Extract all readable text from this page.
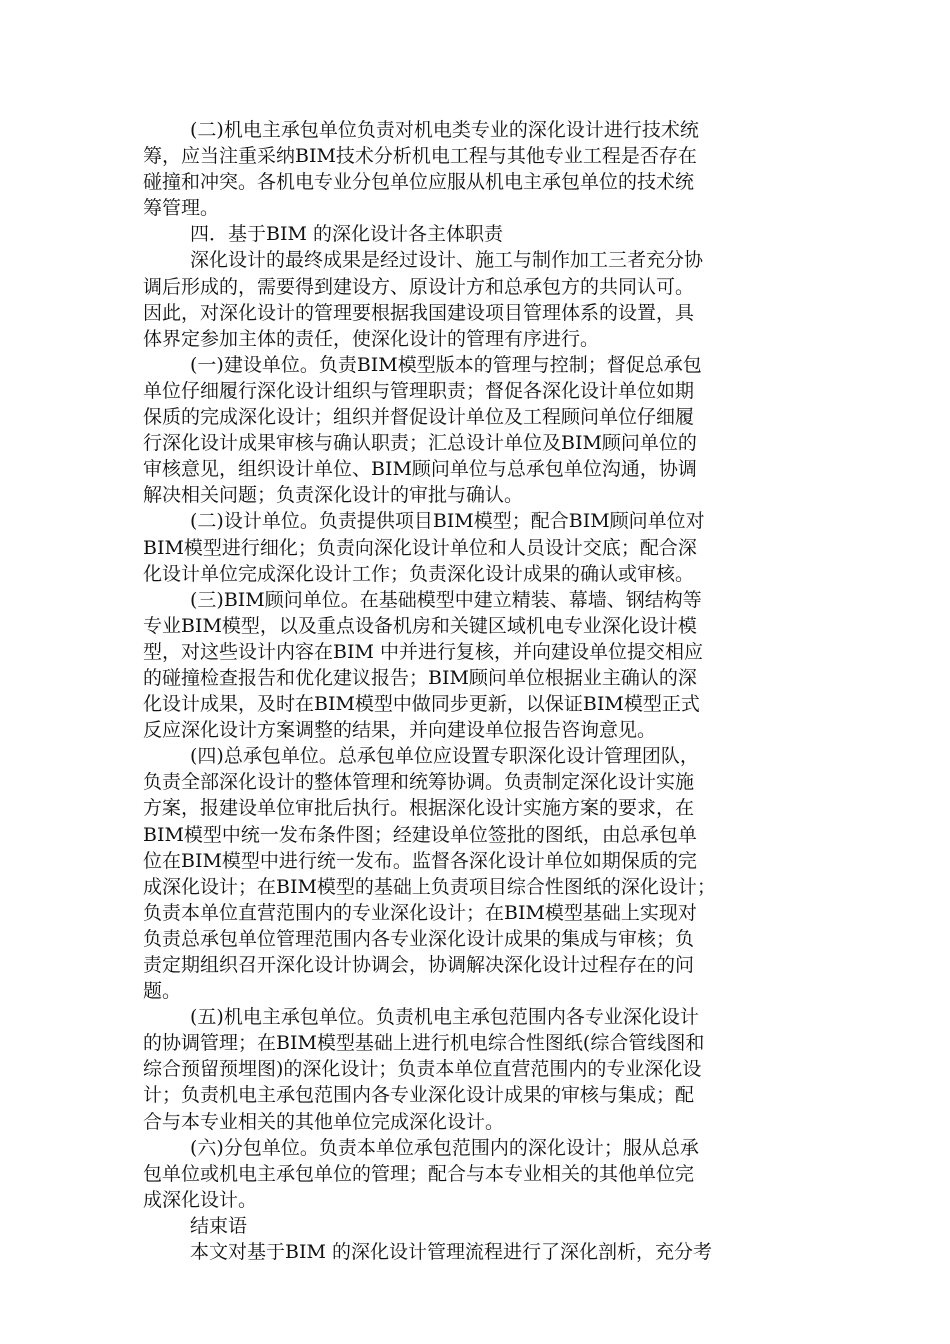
(二)机电主承包单位负责对机电类专业的深化设计进行技术统
筹，应当注重采纳BIM技术分析机电工程与其他专业工程是否存在
碰撞和冲突。各机电专业分包单位应服从机电主承包单位的技术统
筹管理。
四．基于BIM 的深化设计各主体职责
深化设计的最终成果是经过设计、施工与制作加工三者充分协
调后形成的，需要得到建设方、原设计方和总承包方的共同认可。
因此，对深化设计的管理要根据我国建设项目管理体系的设置，具
体界定参加主体的责任，使深化设计的管理有序进行。
(一)建设单位。负责BIM模型版本的管理与控制；督促总承包
单位仔细履行深化设计组织与管理职责；督促各深化设计单位如期
保质的完成深化设计；组织并督促设计单位及工程顾问单位仔细履
行深化设计成果审核与确认职责；汇总设计单位及BIM顾问单位的
审核意见，组织设计单位、BIM顾问单位与总承包单位沟通，协调
解决相关问题；负责深化设计的审批与确认。
(二)设计单位。负责提供项目BIM模型；配合BIM顾问单位对
BIM模型进行细化；负责向深化设计单位和人员设计交底；配合深
化设计单位完成深化设计工作；负责深化设计成果的确认或审核。
(三)BIM顾问单位。在基础模型中建立精装、幕墙、钢结构等
专业BIM模型，以及重点设备机房和关键区域机电专业深化设计模
型，对这些设计内容在BIM 中并进行复核，并向建设单位提交相应
的碰撞检查报告和优化建议报告；BIM顾问单位根据业主确认的深
化设计成果，及时在BIM模型中做同步更新，以保证BIM模型正式
反应深化设计方案调整的结果，并向建设单位报告咨询意见。
(四)总承包单位。总承包单位应设置专职深化设计管理团队，
负责全部深化设计的整体管理和统筹协调。负责制定深化设计实施
方案，报建设单位审批后执行。根据深化设计实施方案的要求，在
BIM模型中统一发布条件图；经建设单位签批的图纸，由总承包单
位在BIM模型中进行统一发布。监督各深化设计单位如期保质的完
成深化设计；在BIM模型的基础上负责项目综合性图纸的深化设计；
负责本单位直营范围内的专业深化设计；在BIM模型基础上实现对
负责总承包单位管理范围内各专业深化设计成果的集成与审核；负
责定期组织召开深化设计协调会，协调解决深化设计过程存在的问
题。
(五)机电主承包单位。负责机电主承包范围内各专业深化设计
的协调管理；在BIM模型基础上进行机电综合性图纸(综合管线图和
综合预留预埋图)的深化设计；负责本单位直营范围内的专业深化设
计；负责机电主承包范围内各专业深化设计成果的审核与集成；配
合与本专业相关的其他单位完成深化设计。
(六)分包单位。负责本单位承包范围内的深化设计；服从总承
包单位或机电主承包单位的管理；配合与本专业相关的其他单位完
成深化设计。
结束语
本文对基于BIM 的深化设计管理流程进行了深化剖析，充分考
